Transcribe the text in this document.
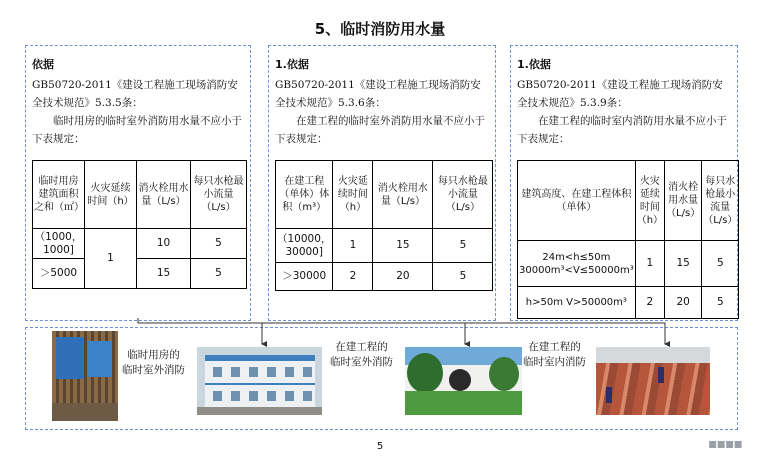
5、临时消防用水量
依据
GB50720-2011《建设工程施工现场消防安全技术规范》5.3.5条：
临时用房的临时室外消防用水量不应小于下表规定：
临时用房建筑面积之和（㎡）	火灾延续时间（h）	消火栓用水量（L/s）	每只水枪最小流量（L/s）
（1000，1000]	1	10	5
＞5000		15	5
1.依据
GB50720-2011《建设工程施工现场消防安全技术规范》5.3.6条：
在建工程的临时室外消防用水量不应小于下表规定：
在建工程（单体）体积（m³）	火灾延续时间（h）	消火栓用水量（L/s）	每只水枪最小流量（L/s）
（10000，30000]	1	15	5
＞30000	2	20	5
1.依据
GB50720-2011《建设工程施工现场消防安全技术规范》5.3.9条：
在建工程的临时室内消防用水量不应小于下表规定：
建筑高度、在建工程体积（单体）	火灾延续时间（h）	消火栓用水量（L/s）	每只水枪最小流量（L/s）
24m<h≤50m 30000m³<V≤50000m³	1	15	5
h>50m V>50000m³	2	20	5
临时用房的
临时室外消防
在建工程的
临时室外消防
在建工程的
临时室内消防
5	▪▪▪▪
